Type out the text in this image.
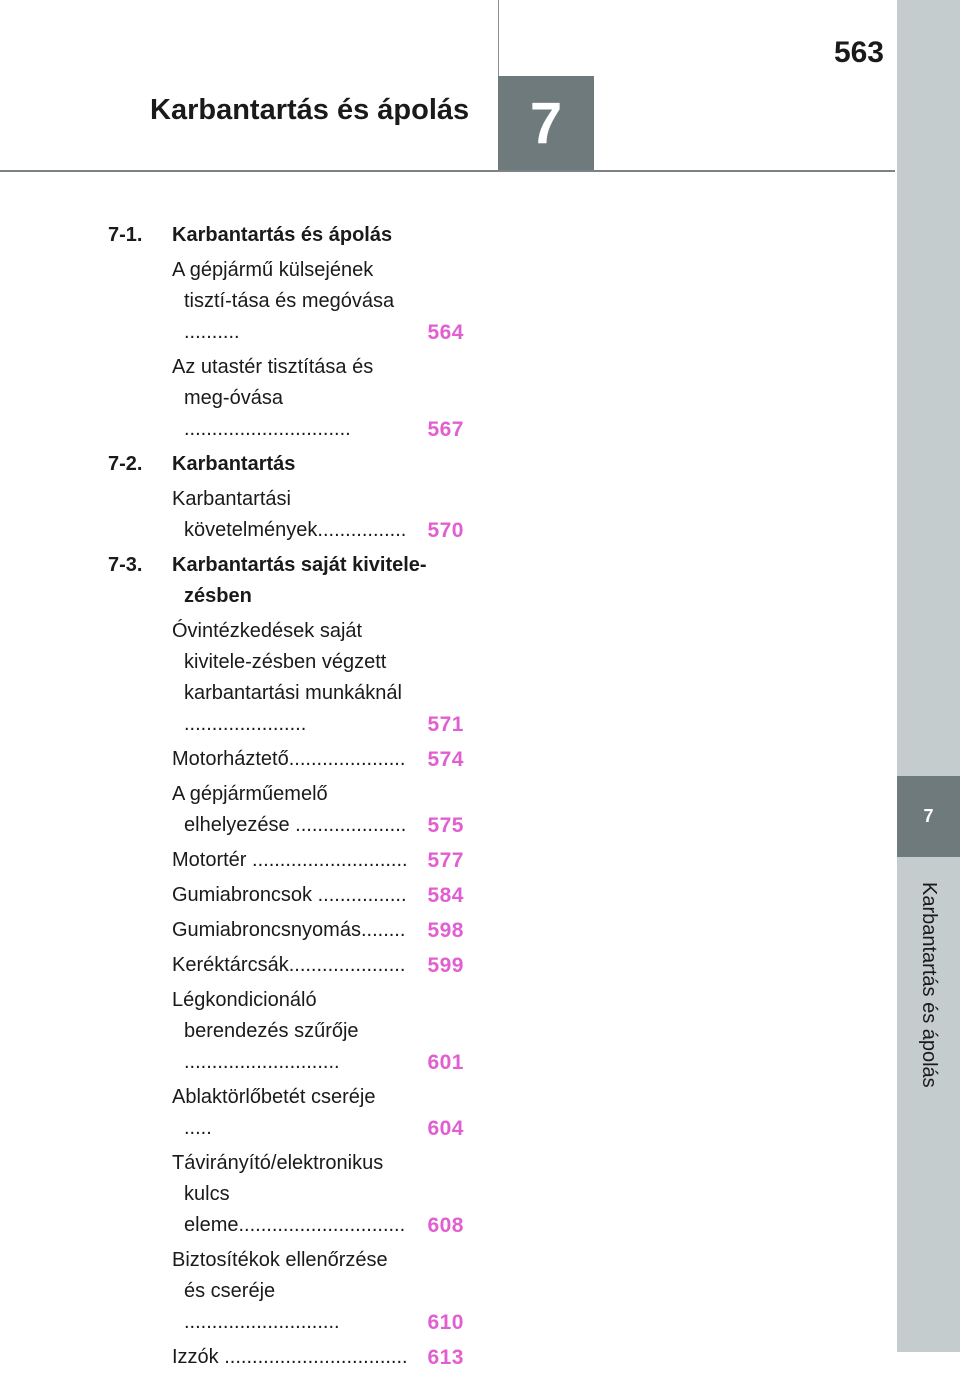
563
Karbantartás és ápolás 7
7
Karbantartás és ápolás
7-1. Karbantartás és ápolás
A gépjármű külsejének tisztí-tása és megóvása ..........	564
Az utastér tisztítása és meg-óvása ..............................	567
7-2. Karbantartás
Karbantartási követelmények................ 570
7-3. Karbantartás saját kivitele-zésben
Óvintézkedések saját kivitele-zésben végzett karbantartási munkáknál ......................	571
Motorháztető..................... 574
A gépjárműemelő elhelyezése .................... 575
Motortér ............................ 577
Gumiabroncsok ................ 584
Gumiabroncsnyomás........ 598
Keréktárcsák..................... 599
Légkondicionáló berendezés szűrője ............................	601
Ablaktörlőbetét cseréje .....	604
Távirányító/elektronikus kulcs eleme.............................. 608
Biztosítékok ellenőrzése és cseréje ............................	610
Izzók ................................. 613
